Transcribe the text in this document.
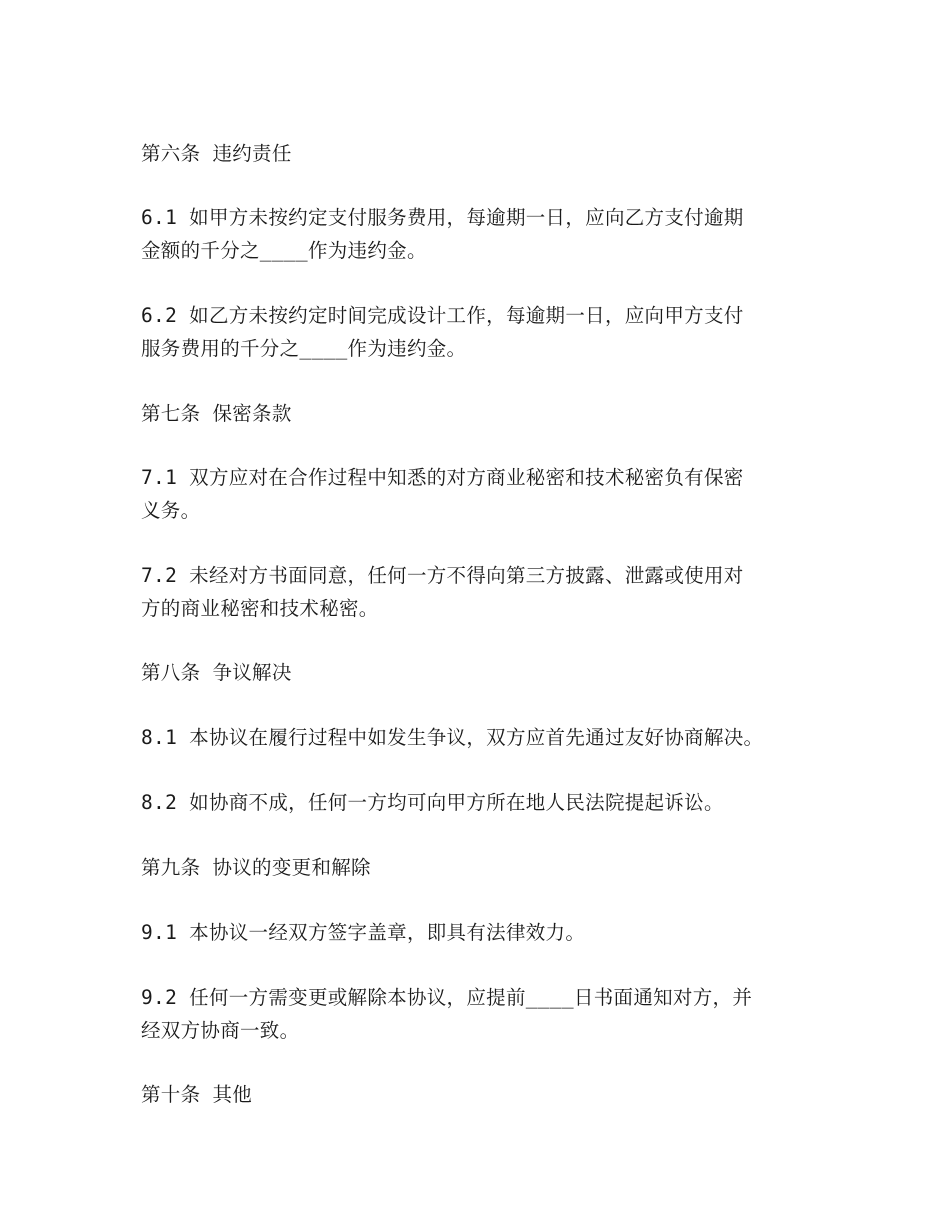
第六条 违约责任
6.1 如甲方未按约定支付服务费用，每逾期一日，应向乙方支付逾期
金额的千分之____作为违约金。
6.2 如乙方未按约定时间完成设计工作，每逾期一日，应向甲方支付
服务费用的千分之____作为违约金。
第七条 保密条款
7.1 双方应对在合作过程中知悉的对方商业秘密和技术秘密负有保密
义务。
7.2 未经对方书面同意，任何一方不得向第三方披露、泄露或使用对
方的商业秘密和技术秘密。
第八条 争议解决
8.1 本协议在履行过程中如发生争议，双方应首先通过友好协商解决。
8.2 如协商不成，任何一方均可向甲方所在地人民法院提起诉讼。
第九条 协议的变更和解除
9.1 本协议一经双方签字盖章，即具有法律效力。
9.2 任何一方需变更或解除本协议，应提前____日书面通知对方，并
经双方协商一致。
第十条 其他
